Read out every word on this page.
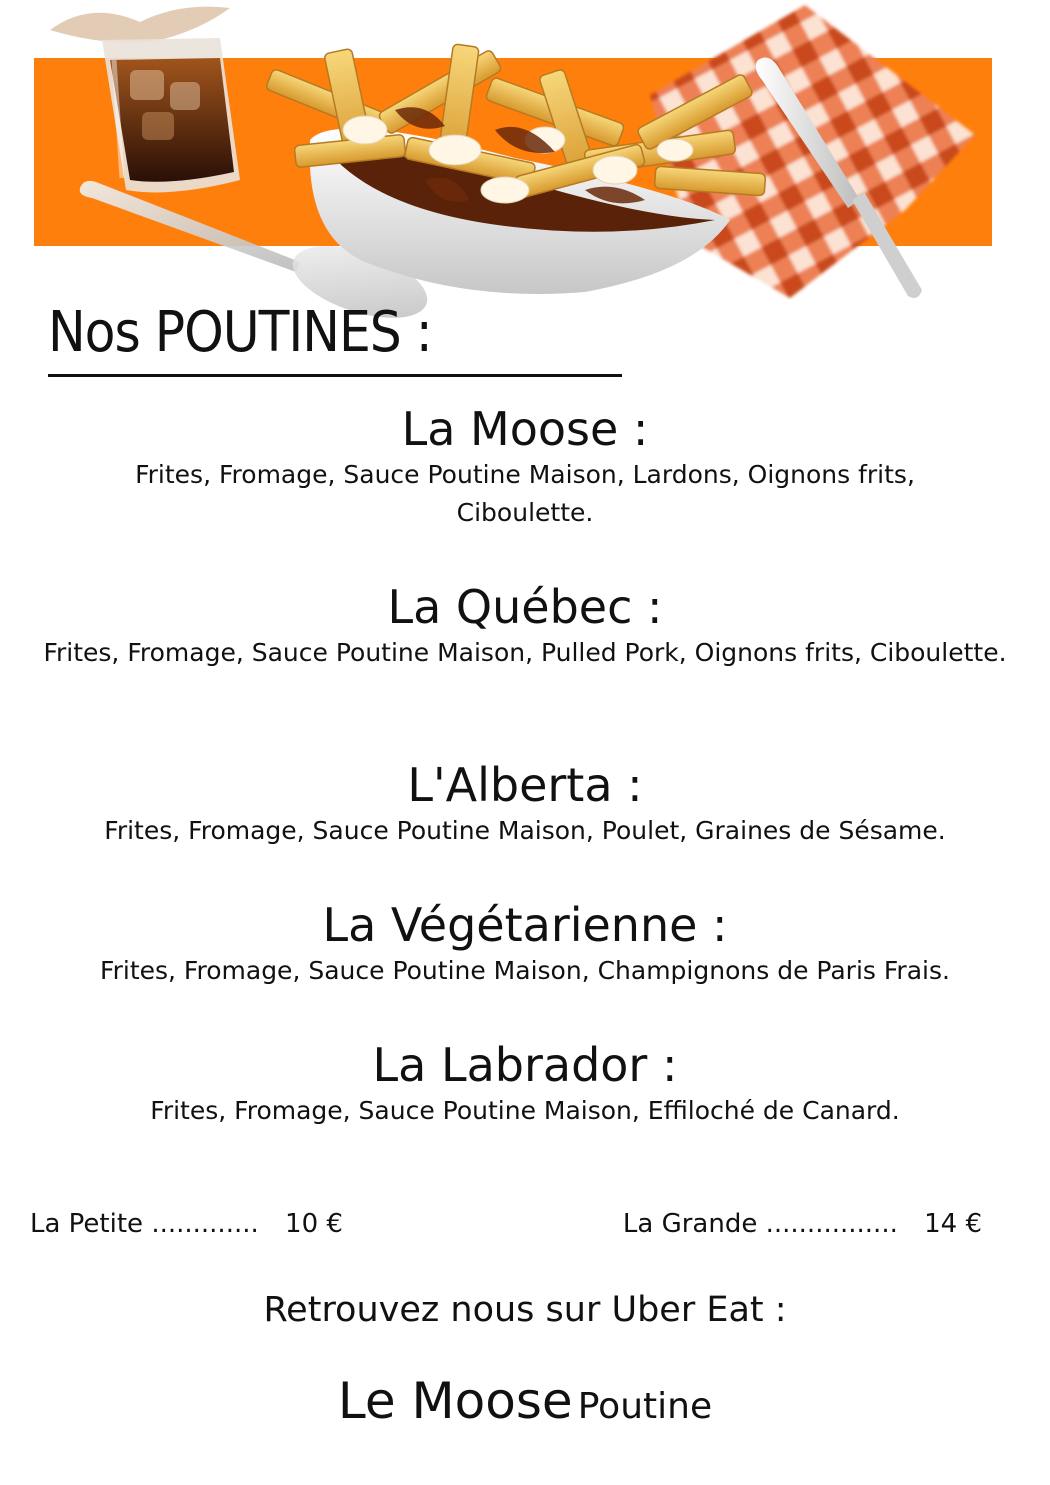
Nos POUTINES :
La Moose :
Frites, Fromage, Sauce Poutine Maison, Lardons, Oignons frits, Ciboulette.
La Québec :
Frites, Fromage, Sauce Poutine Maison, Pulled Pork, Oignons frits, Ciboulette.
L'Alberta :
Frites, Fromage, Sauce Poutine Maison, Poulet, Graines de Sésame.
La Végétarienne :
Frites, Fromage, Sauce Poutine Maison, Champignons de Paris Frais.
La Labrador :
Frites, Fromage, Sauce Poutine Maison, Effiloché de Canard.
La Petite ............. 10 €	La Grande ................ 14 €
Retrouvez nous sur Uber Eat :
Le Moose Poutine
